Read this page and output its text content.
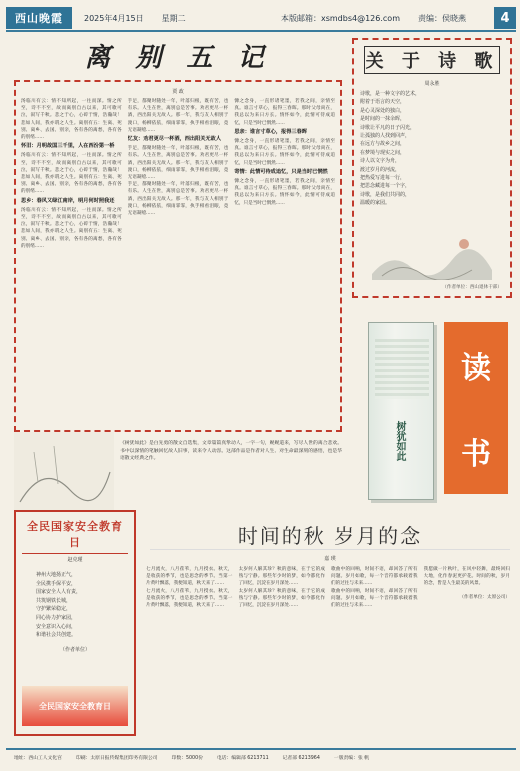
西山晚霞	2025年4月15日 星期二	本版邮箱：xsmdbs4@126.com 责编：侯晓燕	4
离 别 五 记
贾 政

汤临川有云：情不知所起，一往而深。情之所至，诗不不至，故而离别自古以来，其可歌可泣，叙写千秋。悲之于心，心碎于情，浩瀚哉！悲如人间，我亦谓之人生。离别有五：生离、死别、离乡、去国、别亲，各有各的离愁，各有各的别绪……

怀旧：月明故国三千里，人在西汾第一桥

汤临川有云：情不知所起，一往而深。情之所至，诗不不至，故而离别自古以来，其可歌可泣，叙写千秋。悲之于心，心碎于情，浩瀚哉！悲如人间，我亦谓之人生。离别有五：生离、死别、离乡、去国、别亲，各有各的离愁，各有各的别绪……

思乡：春风又绿江南岸，明月何时照我还

汤临川有云：情不知所起，一往而深。情之所至，诗不不至，故而离别自古以来，其可歌可泣，叙写千秋。悲之于心，心碎于情，浩瀚哉！悲如人间，我亦谓之人生。离别有五：生离、死别、离乡、去国、别亲，各有各的离愁，各有各的别绪……

手足，都聚时随处一年，叶落归根，既有苦，也有乐。人生在世，离别总是苦事。劝君更尽一杯酒，西出阳关无故人。那一年，我与友人相别于渡口，杨柳依依，细雨霏霏，执手相看泪眼，竟无语凝噎……

忆友：劝君更尽一杯酒，西出阳关无故人

手足，都聚时随处一年，叶落归根，既有苦，也有乐。人生在世，离别总是苦事。劝君更尽一杯酒，西出阳关无故人。那一年，我与友人相别于渡口，杨柳依依，细雨霏霏，执手相看泪眼，竟无语凝噎……

手足，都聚时随处一年，叶落归根，既有苦，也有乐。人生在世，离别总是苦事。劝君更尽一杯酒，西出阳关无故人。那一年，我与友人相别于渡口，杨柳依依，细雨霏霏，执手相看泪眼，竟无语凝噎……

慷之念身，一直形诸笔墨，若我之间，亲情至真。谁言寸草心，报得三春晖。那时父母尚在，我总以为来日方长。情怀如今，此情可待成追忆，只是当时已惘然……

思亲：谁言寸草心，报得三春晖

慷之念身，一直形诸笔墨，若我之间，亲情至真。谁言寸草心，报得三春晖。那时父母尚在，我总以为来日方长。情怀如今，此情可待成追忆，只是当时已惘然……

寄情：此情可待成追忆，只是当时已惘然

慷之念身，一直形诸笔墨，若我之间，亲情至真。谁言寸草心，报得三春晖。那时父母尚在，我总以为来日方长。情怀如今，此情可待成追忆，只是当时已惘然……

关 于 诗 歌
周永胜
诗歌，是一种文字的艺术，
附着于语言的天空，
是心灵深处的独白，
是时间的一抹余晖，
诗歌让平凡的日子闪光，
让孤独的人找到回声，
在远方与故乡之间，
在梦境与现实之间，
诗人以文字为舟，
渡过岁月的河流，
把热爱写进每一行，
把思念藏进每一个字，
诗歌，是我们共同的，
温暖的家园。
（作者单位：西山退休干部）
《树犹如此》是白先勇的散文自选集，文章篇篇真挚动人，一字一句，娓娓道来，写尽人世的离合悲欢。书中以深情的笔触回忆故人旧事，读来令人动容。这部作品是作者对人生、对生命最深刻的感悟，也是华语散文经典之作。	树犹如此
读
书
全民国家安全教育日
赵克瑾
神州大地扬正气，
全民携手保平安，
国家安全人人有责，
共筑钢铁长城，
守护繁荣稳定，
同心协力护家园，
安全意识入心间，
和谐社会共创建。
（作者单位）
全民国家安全教育日
时间的秋 岁月的念
嘉 瑛

七月流火，八月萑苇，九月授衣。秋天，是收获的季节，也是思念的季节。当第一片黄叶飘落，我便知道，秋天来了……

七月流火，八月萑苇，九月授衣。秋天，是收获的季节，也是思念的季节。当第一片黄叶飘落，我便知道，秋天来了……

太岁何人解其珍？秋的意味，在于它的成熟与宁静。那些年少时的梦，如今都化作了回忆，沉淀在岁月深处……

太岁何人解其珍？秋的意味，在于它的成熟与宁静。那些年少时的梦，如今都化作了回忆，沉淀在岁月深处……

歌曲中的回响，时间不语，却回答了所有问题。岁月如歌，每一个音符都承载着我们的过往与未来……

歌曲中的回响，时间不语，却回答了所有问题。岁月如歌，每一个音符都承载着我们的过往与未来……

我愿做一片秋叶，在风中轻舞，最终回归大地，化作春泥更护花。时间的秋，岁月的念，皆是人生最美的风景。

（作者单位：太原公司）

地址：西山工人文化宫	印刷：太原日报传媒集团印务有限公司	印数：5000份	电话：编辑部 6213711	记者部 6213964	一版责编：张 帆
